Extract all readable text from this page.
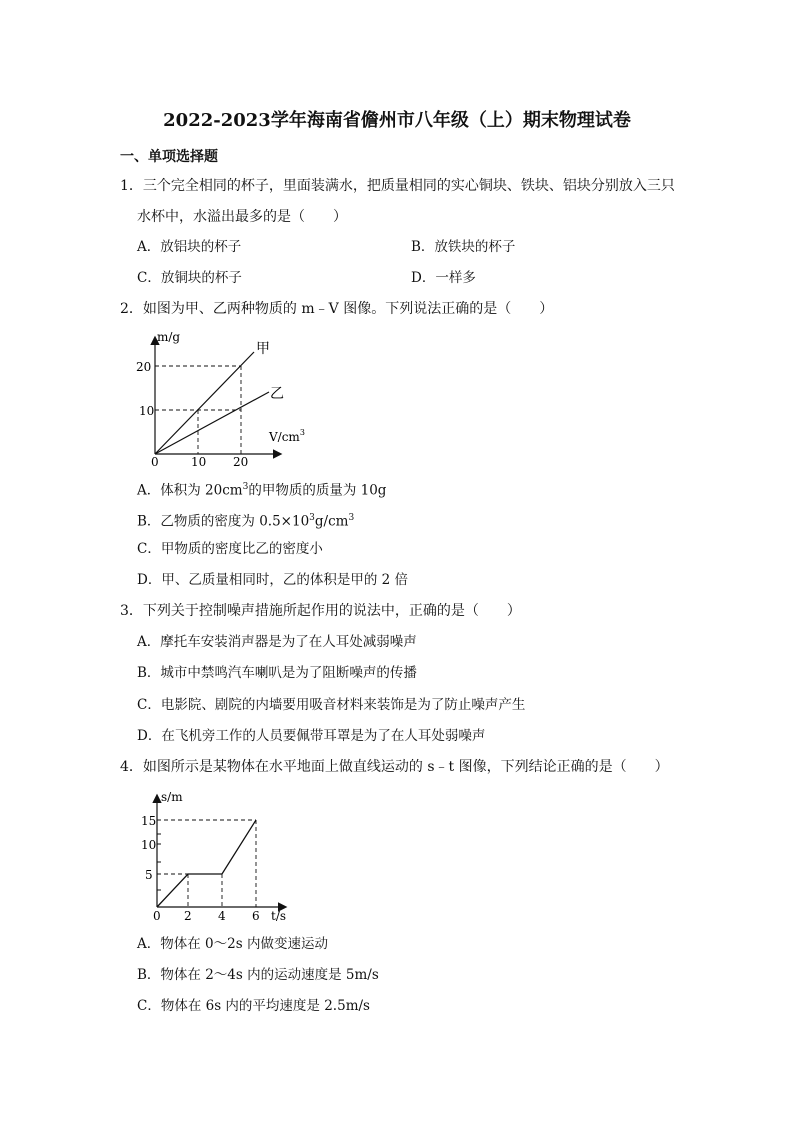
2022-2023学年海南省儋州市八年级（上）期末物理试卷
一、单项选择题
1．三个完全相同的杯子，里面装满水，把质量相同的实心铜块、铁块、铝块分别放入三只
水杯中，水溢出最多的是（　　）
A．放铝块的杯子	B．放铁块的杯子
C．放铜块的杯子	D．一样多
2．如图为甲、乙两种物质的 m﹣V 图像。下列说法正确的是（　　）
m/g
20
10
0	10 20
$V/cm^3$
甲
乙
A．体积为 $20cm^3$的甲物质的质量为 10g
B．乙物质的密度为 $0.5\times 10^3g/cm^3$
C．甲物质的密度比乙的密度小
D．甲、乙质量相同时，乙的体积是甲的 2 倍
3．下列关于控制噪声措施所起作用的说法中，正确的是（　　）
A．摩托车安装消声器是为了在人耳处减弱噪声
B．城市中禁鸣汽车喇叭是为了阻断噪声的传播
C．电影院、剧院的内墙要用吸音材料来装饰是为了防止噪声产生
D．在飞机旁工作的人员要佩带耳罩是为了在人耳处弱噪声
4．如图所示是某物体在水平地面上做直线运动的 s﹣t 图像，下列结论正确的是（　　）
s/m
15
10
5
0 2 4 6 t/s
A．物体在 0～2s 内做变速运动
B．物体在 2～4s 内的运动速度是 5m/s
C．物体在 6s 内的平均速度是 2.5m/s
